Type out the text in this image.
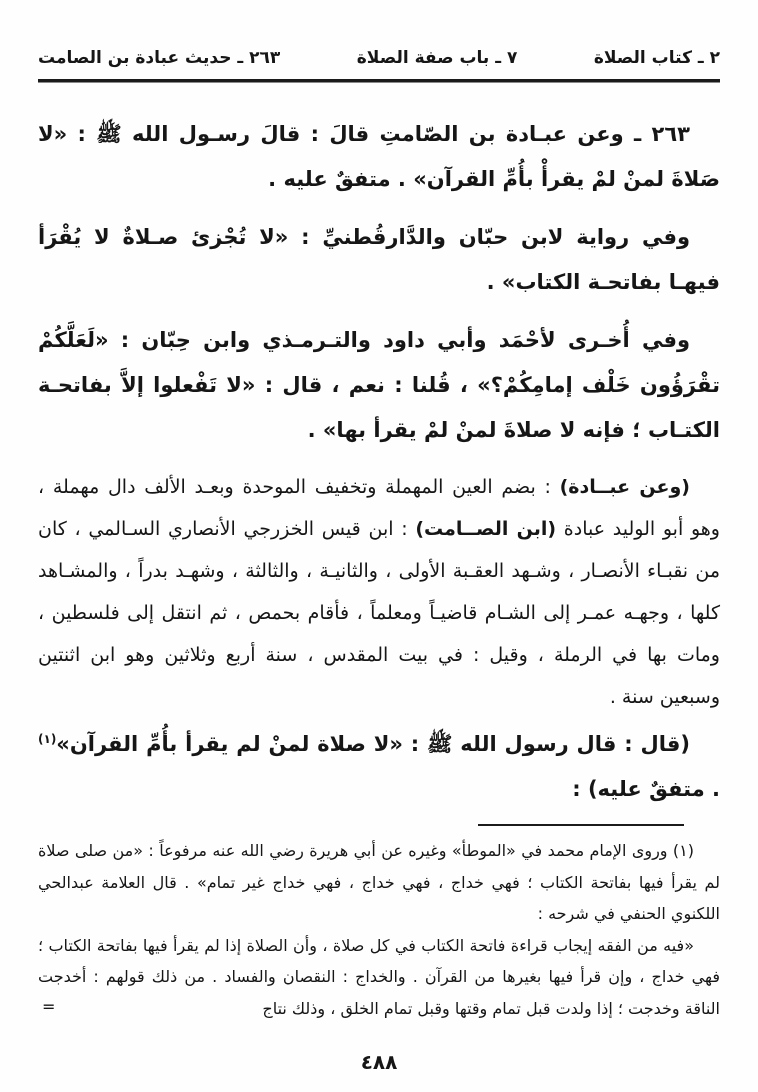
٢ ـ كتاب الصلاة
٧ ـ باب صفة الصلاة
٢٦٣ ـ حديث عبادة بن الصامت

٢٦٣ ـ وعن عبـادة بن الصّامتِ قالَ : قالَ رسـول الله ﷺ : «لا صَلاةَ لمنْ لمْ يقرأْ بأُمِّ القرآن» . متفقٌ عليه .

وفي رواية لابن حبّان والدَّارقُطنيِّ : «لا تُجْزئ صـلاةٌ لا يُقْرَأ فيهـا بفاتحـة الكتاب» .

وفي أُخـرى لأحْمَد وأبي داود والتـرمـذي وابن حِبّان : «لَعَلَّكُمْ تقْرَؤُون خَلْف إمامِكُمْ؟» ، قُلنا : نعم ، قال : «لا تَفْعلوا إلاَّ بفاتحـة الكتـاب ؛ فإنه لا صلاةَ لمنْ لمْ يقرأ بها» .

(وعن عبــادة) : بضم العين المهملة وتخفيف الموحدة وبعـد الألف دال مهملة ، وهو أبو الوليد عبادة (ابن الصــامت) : ابن قيس الخزرجي الأنصاري السـالمي ، كان من نقبـاء الأنصـار ، وشـهد العقـبة الأولى ، والثانيـة ، والثالثة ، وشهـد بدراً ، والمشـاهد كلها ، وجهـه عمـر إلى الشـام قاضيـاً ومعلماً ، فأقام بحمص ، ثم انتقل إلى فلسطين ، ومات بها في الرملة ، وقيل : في بيت المقدس ، سنة أربع وثلاثين وهو ابن اثنتين وسبعين سنة .

(قال : قال رسول الله ﷺ : «لا صلاة لمنْ لم يقرأ بأُمِّ القرآن»$^{(١)}$ . متفقٌ عليه) :

(١) وروى الإمام محمد في «الموطأ» وغيره عن أبي هريرة رضي الله عنه مرفوعاً : «من صلى صلاة لم يقرأ فيها بفاتحة الكتاب ؛ فهي خداج ، فهي خداج ، فهي خداج غير تمام» . قال العلامة عبدالحي اللكنوي الحنفي في شرحه :

«فيه من الفقه إيجاب قراءة فاتحة الكتاب في كل صلاة ، وأن الصلاة إذا لم يقرأ فيها بفاتحة الكتاب ؛ فهي خداج ، وإن قرأ فيها بغيرها من القرآن . والخداج : النقصان والفساد . من ذلك قولهم : أخدجت الناقة وخدجت ؛ إذا ولدت قبل تمام وقتها وقبل تمام الخلق ، وذلك نتاج
=

٤٨٨
